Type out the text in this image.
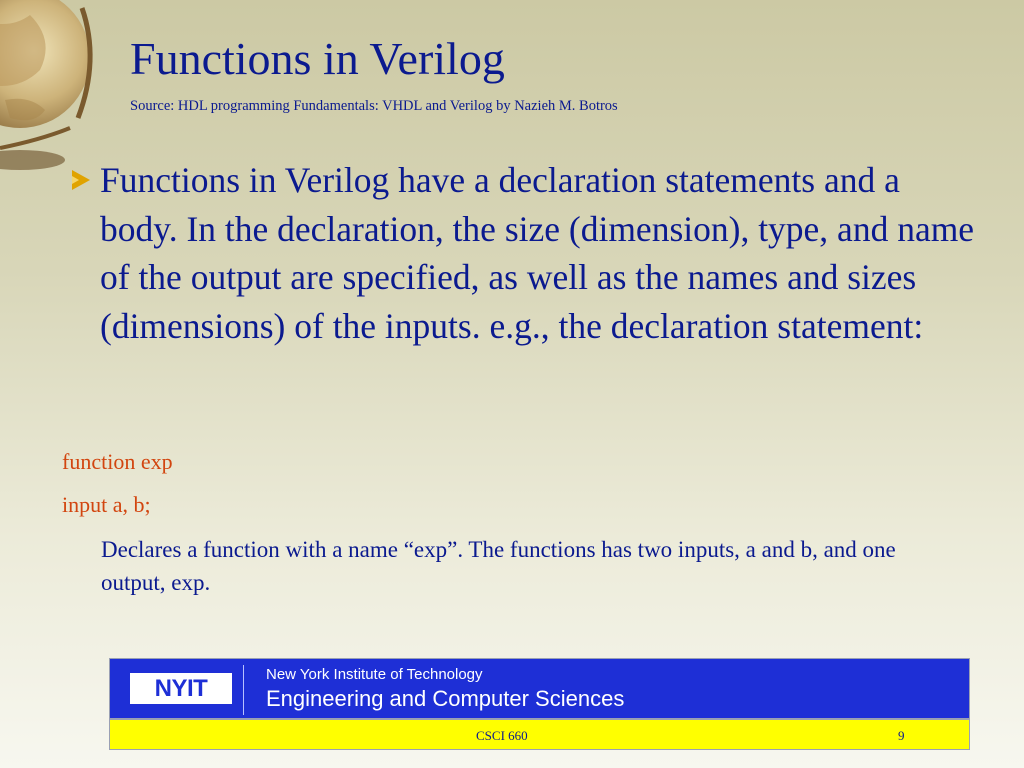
Functions in Verilog

Source: HDL programming Fundamentals: VHDL and Verilog by Nazieh M. Botros

Functions in Verilog have a declaration statements and a body. In the declaration, the size (dimension), type, and name of the output are specified, as well as the names and sizes (dimensions) of the inputs. e.g., the declaration statement:

function exp

input a, b;

Declares a function with a name “exp”. The functions has two inputs, a and b, and one output, exp.

NYIT

New York Institute of Technology

Engineering and Computer Sciences

CSCI 660	9
